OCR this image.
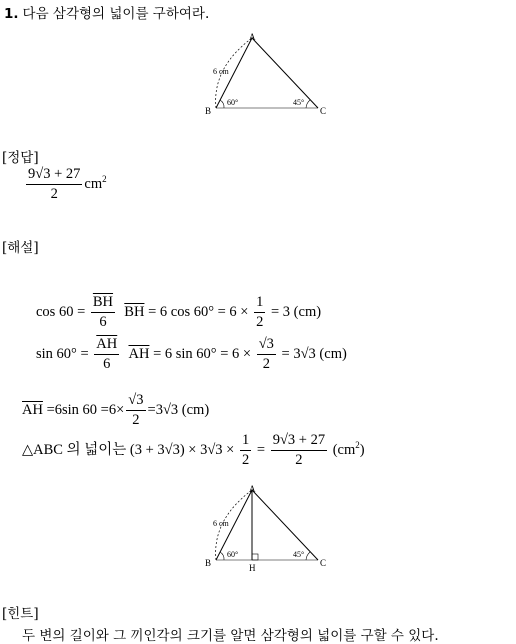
1. 다음 삼각형의 넓이를 구하여라.
A
B	C
6 cm
60°	45°
[정답]
$\frac{9√3 + 27}{2} cm^2$
[해설]
$\cos 60 = \frac{\overline{BH}}{6} \overline{BH} = 6$ $\cos 60^\circ = 6 \times \frac{1}{2} = 3$ (cm)
$\sin 60^\circ = \frac{\overline{AH}}{6} \overline{AH} = 6$ $\sin 60^\circ = 6 \times \frac{√3}{2} = 3√3$ (cm)
$\overline{AH} =6\sin$ $60 =6\times \frac{√3}{2} =3√3$ (cm)
△ABC 의 넓이는 $(3 + 3√3) \times 3√3 \times \frac{1}{2} = \frac{9√3 + 27}{2} (cm^2)$
A
B	C
H
6 cm
60°	45°
[힌트]
두 변의 길이와 그 끼인각의 크기를 알면 삼각형의 넓이를 구할 수 있다.
